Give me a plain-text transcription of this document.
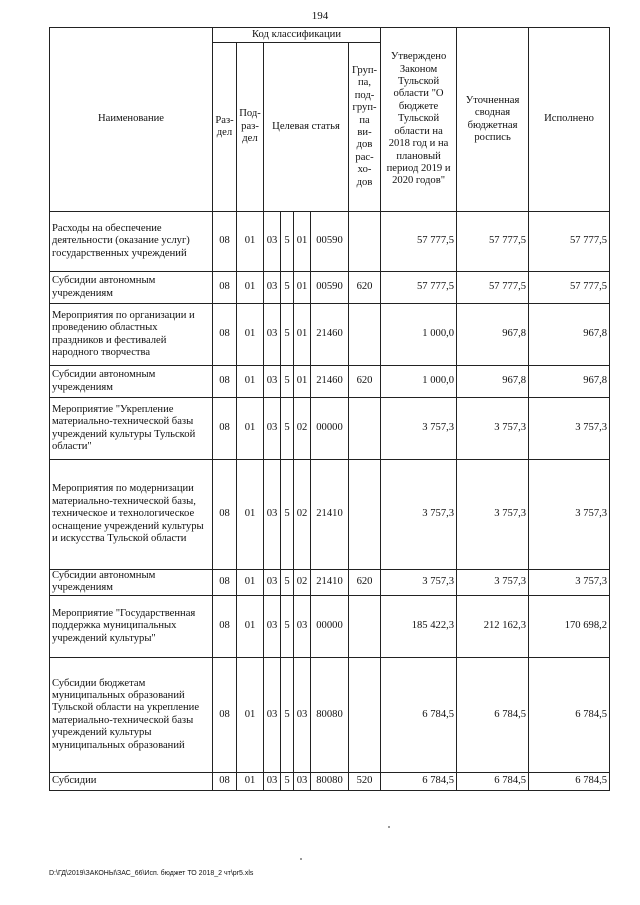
194
Наименование	Код классификации							Утверждено Законом Тульской области "О бюджете Тульской области на 2018 год и на плановый период 2019 и 2020 годов"	Уточненная сводная бюджетная роспись	Исполнено
	Раз-дел	Под-раз-дел	Целевая статья				Груп-па, под-груп-па ви-дов рас-хо-дов			
Расходы на обеспечение деятельности (оказание услуг) государственных учреждений	08	01	03	5	01	00590		57 777,5	57 777,5	57 777,5
Субсидии автономным учреждениям	08	01	03	5	01	00590	620	57 777,5	57 777,5	57 777,5
Мероприятия по организации и проведению областных праздников и фестивалей народного творчества	08	01	03	5	01	21460		1 000,0	967,8	967,8
Субсидии автономным учреждениям	08	01	03	5	01	21460	620	1 000,0	967,8	967,8
Мероприятие "Укрепление материально-технической базы учреждений культуры Тульской области"	08	01	03	5	02	00000		3 757,3	3 757,3	3 757,3
Мероприятия по модернизации материально-технической базы, техническое и технологическое оснащение учреждений культуры и искусства Тульской области	08	01	03	5	02	21410		3 757,3	3 757,3	3 757,3
Субсидии автономным учреждениям	08	01	03	5	02	21410	620	3 757,3	3 757,3	3 757,3
Мероприятие "Государственная поддержка муниципальных учреждений культуры"	08	01	03	5	03	00000		185 422,3	212 162,3	170 698,2
Субсидии бюджетам муниципальных образований Тульской области на укрепление материально-технической базы учреждений культуры муниципальных образований	08	01	03	5	03	80080		6 784,5	6 784,5	6 784,5
Субсидии	08	01	03	5	03	80080	520	6 784,5	6 784,5	6 784,5
D:\ГД\2019\ЗАКОНЫ\ЗАС_66\Исп. бюджет ТО 2018_2 чт\pr5.xls
